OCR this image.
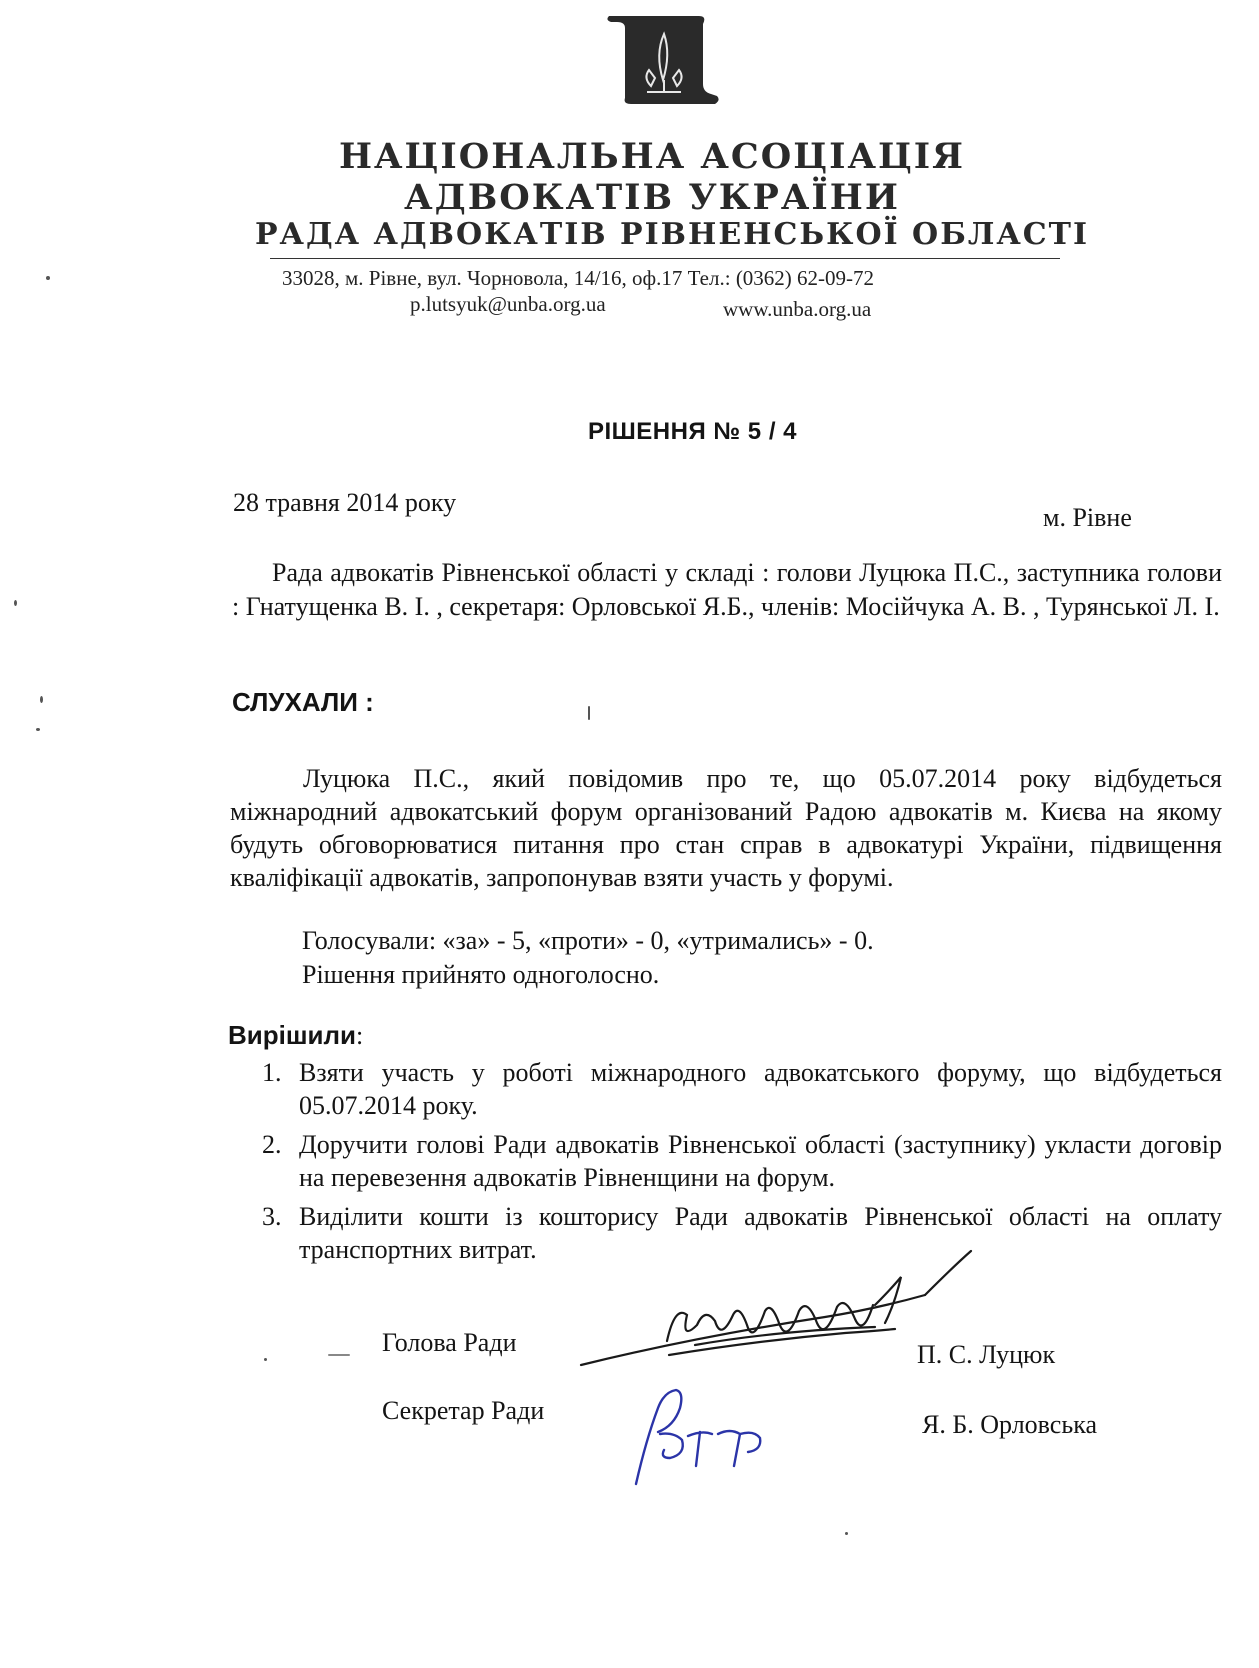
НАЦІОНАЛЬНА АСОЦІАЦІЯ
АДВОКАТІВ УКРАЇНИ
РАДА АДВОКАТІВ РІВНЕНСЬКОЇ ОБЛАСТІ
33028, м. Рівне, вул. Чорновола, 14/16, оф.17 Тел.: (0362) 62-09-72
p.lutsyuk@unba.org.ua	www.unba.org.ua
РІШЕННЯ № 5 / 4
28 травня 2014 року
м. Рівне
Рада адвокатів Рівненської області у складі : голови Луцюка П.С., заступника голови : Гнатущенка В. І. , секретаря: Орловської Я.Б., членів: Мосійчука А. В. , Турянської Л. І.
СЛУХАЛИ :
Луцюка П.С., який повідомив про те, що 05.07.2014 року відбудеться міжнародний адвокатський форум організований Радою адвокатів м. Києва на якому будуть обговорюватися питання про стан справ в адвокатурі України, підвищення кваліфікації адвокатів, запропонував взяти участь у форумі.
Голосували: «за» - 5, «проти» - 0, «утримались» - 0.
Рішення прийнято одноголосно.
Вирішили:
1. Взяти участь у роботі міжнародного адвокатського форуму, що відбудеться 05.07.2014 року.
2. Доручити голові Ради адвокатів Рівненської області (заступнику) укласти договір на перевезення адвокатів Рівненщини на форум.
3. Виділити кошти із кошторису Ради адвокатів Рівненської області на оплату транспортних витрат.
Голова Ради	П. С. Луцюк
Секретар Ради	Я. Б. Орловська
